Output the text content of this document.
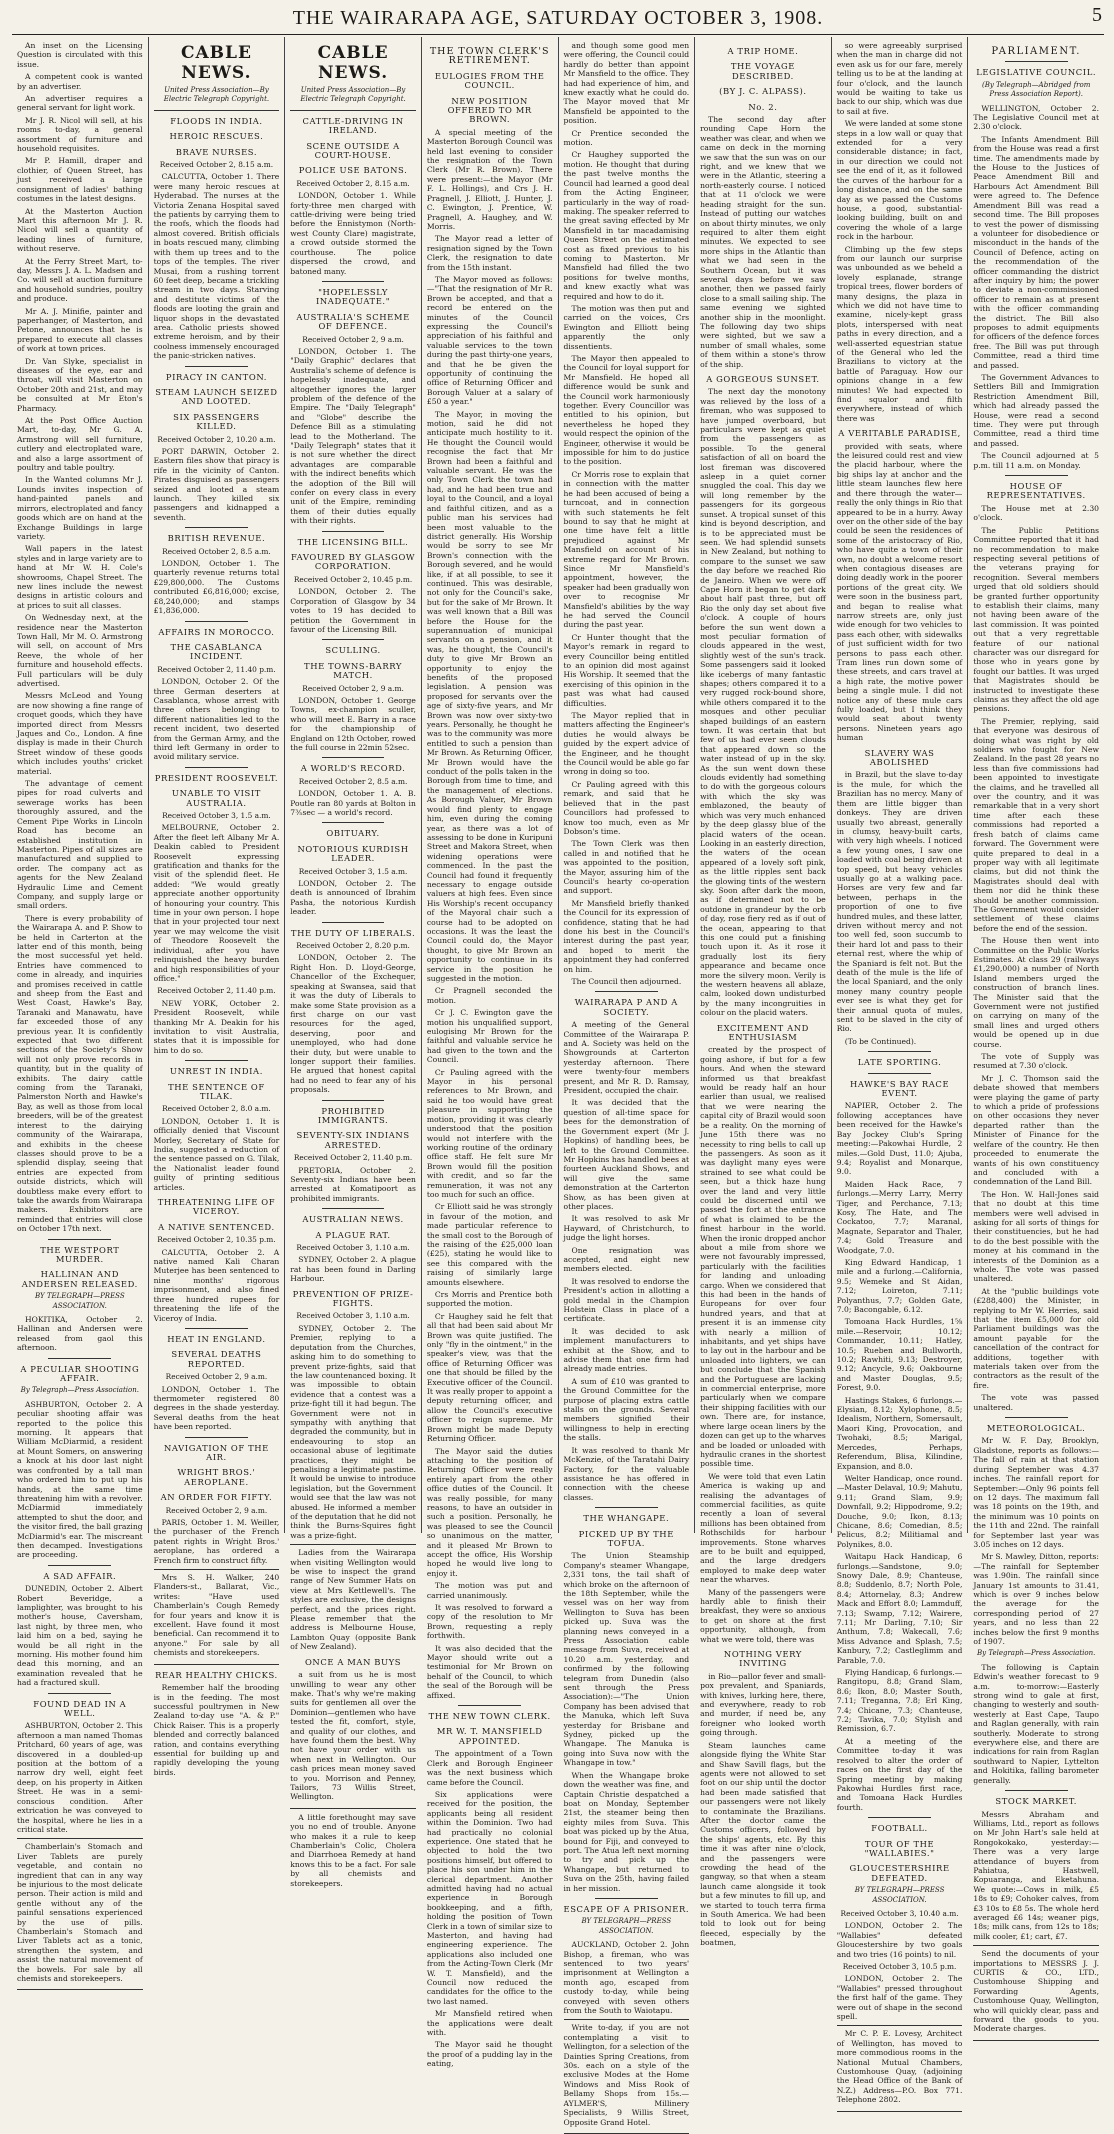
THE WAIRARAPA AGE, SATURDAY OCTOBER 3, 1908.	5

An inset on the Licensing Question is circulated with this issue.

A competent cook is wanted by an advertiser.

An advertiser requires a general servant for light work.

Mr J. R. Nicol will sell, at his rooms to-day, a general assortment of furniture and household requisites.

Mr P. Hamill, draper and clothier, of Queen Street, has just received a large consignment of ladies' bathing costumes in the latest designs.

At the Masterton Auction Mart this afternoon Mr J. R. Nicol will sell a quantity of leading lines of furniture, without reserve.

At the Ferry Street Mart, to-day, Messrs J. A. L. Madsen and Co. will sell at auction furniture and household sundries, poultry and produce.

Mr A. J. Minifie, painter and paperhanger, of Masterton, and Petone, announces that he is prepared to execute all classes of work at town prices.

Dr. Van Slyke, specialist in diseases of the eye, ear and throat, will visit Masterton on October 20th and 21st, and may be consulted at Mr Eton's Pharmacy.

At the Post Office Auction Mart, to-day, Mr G. A. Armstrong will sell furniture, cutlery and electroplated ware, and also a large assortment of poultry and table poultry.

In the Wanted columns Mr J. Lounds invites inspection of hand-painted panels and mirrors, electroplated and fancy goods which are on hand at the Exchange Buildings in large variety.

Wall papers in the latest styles and in large variety are to hand at Mr W. H. Cole's showrooms, Chapel Street. The new lines include the newest designs in artistic colours and at prices to suit all classes.

On Wednesday next, at the residence near the Masterton Town Hall, Mr M. O. Armstrong will sell, on account of Mrs Reeve, the whole of her furniture and household effects. Full particulars will be duly advertised.

Messrs McLeod and Young are now showing a fine range of croquet goods, which they have imported direct from Messrs Jaques and Co., London. A fine display is made in their Church Street window of these goods which includes youths' cricket material.

The advantage of cement pipes for road culverts and sewerage works has been thoroughly assured, and the Cement Pipe Works in Lincoln Road has become an established institution in Masterton. Pipes of all sizes are manufactured and supplied to order. The company act as agents for the New Zealand Hydraulic Lime and Cement Company, and supply large or small orders.

There is every probability of the Wairarapa A. and P. Show to be held in Carterton at the latter end of this month, being the most successful yet held. Entries have commenced to come in already, and inquiries and promises received in cattle and sheep from the East and West Coast, Hawke's Bay, Taranaki and Manawatu, have far exceeded those of any previous year. It is confidently expected that two different sections of the Society's Show will not only prove records in quantity, but in the quality of exhibits. The dairy cattle coming from the Taranaki, Palmerston North and Hawke's Bay, as well as those from local breeders, will be of the greatest interest to the dairying community of the Wairarapa, and exhibits in the cheese classes should prove to be a splendid display, seeing that entries are expected from outside districts, which will doubtless make every effort to take the awards from Wairarapa makers. Exhibitors are reminded that entries will close on October 17th next.

THE WESTPORT MURDER.
HALLINAN AND ANDERSEN RELEASED.
BY TELEGRAPH—PRESS ASSOCIATION.

HOKITIKA, October 2. Hallinan and Andersen were released from gaol this afternoon.

A PECULIAR SHOOTING AFFAIR.
By Telegraph—Press Association.

ASHBURTON, October 2. A peculiar shooting affair was reported to the police this morning. It appears that William McDiarmid, a resident at Mount Somers, on answering a knock at his door last night was confronted by a tall man who ordered him to put up his hands, at the same time threatening him with a revolver. McDiarmid immediately attempted to shut the door, and the visitor fired, the ball grazing McDiarmid's ear. The miscreant then decamped. Investigations are proceeding.

A SAD AFFAIR.

DUNEDIN, October 2. Albert Robert Beveridge, a lamplighter, was brought to his mother's house, Caversham, last night, by three men, who laid him on a bed, saying he would be all right in the morning. His mother found him dead this morning, and an examination revealed that he had a fractured skull.

FOUND DEAD IN A WELL.

ASHBURTON, October 2. This afternoon a man named Thomas Pritchard, 60 years of age, was discovered in a doubled-up position at the bottom of a narrow dry well, eight feet deep, on his property in Aitken Street. He was in a semi-conscious condition. After extrication he was conveyed to the hospital, where he lies in a critical state.

Chamberlain's Stomach and Liver Tablets are purely vegetable, and contain no ingredient that can in any way be injurious to the most delicate person. Their action is mild and gentle without any of the painful sensations experienced by the use of pills. Chamberlain's Stomach and Liver Tablets act as a tonic, strengthen the system, and assist the natural movement of the bowels. For sale by all chemists and storekeepers.

CABLE NEWS.
United Press Association—By Electric Telegraph Copyright.
FLOODS IN INDIA.
HEROIC RESCUES.
BRAVE NURSES.
Received October 2, 8.15 a.m.

CALCUTTA, October 1. There were many heroic rescues at Hyderabad. The nurses at the Victoria Zenana Hospital saved the patients by carrying them to the roofs, which the floods had almost covered. British officials in boats rescued many, climbing with them up trees and to the tops of the temples. The river Musai, from a rushing torrent 60 feet deep, became a trickling stream in two days. Starving and destitute victims of the floods are looting the grain and liquor shops in the devastated area. Catholic priests showed extreme heroism, and by their coolness immensely encouraged the panic-stricken natives.

PIRACY IN CANTON.
STEAM LAUNCH SEIZED AND LOOTED.
SIX PASSENGERS KILLED.
Received October 2, 10.20 a.m.

PORT DARWIN, October 2. Eastern files show that piracy is rife in the vicinity of Canton. Pirates disguised as passengers seized and looted a steam launch. They killed six passengers and kidnapped a seventh.

BRITISH REVENUE.
Received October 2, 8.5 a.m.

LONDON, October 1. The quarterly revenue returns total £29,800,000. The Customs contributed £6,816,000; excise, £8,240,000; and stamps £1,836,000.

AFFAIRS IN MOROCCO.
THE CASABLANCA INCIDENT.
Received October 2, 11.40 p.m.

LONDON, October 2. Of the three German deserters at Casablanca, whose arrest with three others belonging to different nationalities led to the recent incident, two deserted from the German Army, and the third left Germany in order to avoid military service.

PRESIDENT ROOSEVELT.
UNABLE TO VISIT AUSTRALIA.
Received October 3, 1.5 a.m.

MELBOURNE, October 2. After the fleet left Albany Mr A. Deakin cabled to President Roosevelt expressing gratification and thanks for the visit of the splendid fleet. He added: "We would greatly appreciate another opportunity of honouring your country. This time in your own person. I hope that in your projected tour next year we may welcome the visit of Theodore Roosevelt the individual, after you have relinquished the heavy burden and high responsibilities of your office."

Received October 2, 11.40 p.m.

NEW YORK, October 2. President Roosevelt, while thanking Mr A. Deakin for his invitation to visit Australia, states that it is impossible for him to do so.

UNREST IN INDIA.
THE SENTENCE OF TILAK.
Received October 2, 8.0 a.m.

LONDON, October 1. It is officially denied that Viscount Morley, Secretary of State for India, suggested a reduction of the sentence passed on G. Tilak, the Nationalist leader found guilty of printing seditious articles.

THREATENING LIFE OF VICEROY.
A NATIVE SENTENCED.
Received October 2, 10.35 p.m.

CALCUTTA, October 2. A native named Kali Charan Muterjee has been sentenced to nine months' rigorous imprisonment, and also fined three hundred rupees for threatening the life of the Viceroy of India.

HEAT IN ENGLAND.
SEVERAL DEATHS REPORTED.
Received October 2, 9 a.m.

LONDON, October 1. The thermometer registered 80 degrees in the shade yesterday. Several deaths from the heat have been reported.

NAVIGATION OF THE AIR.
WRIGHT BROS.' AEROPLANE.
AN ORDER FOR FIFTY.
Received October 2, 9 a.m.

PARIS, October 1. M. Weiller, the purchaser of the French patent rights in Wright Bros.' aeroplane, has ordered a French firm to construct fifty.

Mrs S. H. Walker, 240 Flanders-st., Ballarat, Vic., writes: "Have used Chamberlain's Cough Remedy for four years and know it is excellent. Have found it most beneficial. Can recommend it to anyone." For sale by all chemists and storekeepers.

REAR HEALTHY CHICKS.

Remember half the brooding is in the feeding. The most successful poultrymen in New Zealand to-day use "A. & P." Chick Raiser. This is a properly blended and correctly balanced ration, and contains everything essential for building up and rapidly developing the young birds.

CABLE NEWS.
United Press Association—By Electric Telegraph Copyright.
CATTLE-DRIVING IN IRELAND.
SCENE OUTSIDE A COURT-HOUSE.
POLICE USE BATONS.
Received October 2, 8.15 a.m.

LONDON, October 1. While forty-three men charged with cattle-driving were being tried before the Ennistymon (North-west County Clare) magistrate, a crowd outside stormed the courthouse. The police dispersed the crowd, and batoned many.

"HOPELESSLY INADEQUATE."
AUSTRALIA'S SCHEME OF DEFENCE.
Received October 2, 9 a.m.

LONDON, October 1. The "Daily Graphic" declares that Australia's scheme of defence is hopelessly inadequate, and altogether ignores the larger problem of the defence of the Empire. The "Daily Telegraph" and "Globe" describe the Defence Bill as a stimulating lead to the Motherland. The "Daily Telegraph" states that it is not sure whether the direct advantages are comparable with the indirect benefits which the adoption of the Bill will confer on every class in every unit of the Empire, reminding them of their duties equally with their rights.

THE LICENSING BILL.
FAVOURED BY GLASGOW CORPORATION.
Received October 2, 10.45 p.m.

LONDON, October 2. The Corporation of Glasgow by 34 votes to 19 has decided to petition the Government in favour of the Licensing Bill.

SCULLING.
THE TOWNS-BARRY MATCH.
Received October 2, 9 a.m.

LONDON, October 1. George Towns, ex-champion sculler, who will meet E. Barry in a race for the championship of England on 12th October, rowed the full course in 22min 52sec.

A WORLD'S RECORD.
Received October 2, 8.5 a.m.

LONDON, October 1. A. B. Poutle ran 80 yards at Bolton in 7⅗sec — a world's record.

OBITUARY.
NOTORIOUS KURDISH LEADER.
Received October 3, 1.5 a.m.

LONDON, October 2. The death is announced of Ibrahim Pasha, the notorious Kurdish leader.

THE DUTY OF LIBERALS.
Received October 2, 8.20 p.m.

LONDON, October 2. The Right Hon. D. Lloyd-George, Chancellor of the Exchequer, speaking at Swansea, said that it was the duty of Liberals to make some State provision as a first charge on our vast resources for the aged, deserving, poor and unemployed, who had done their duty, but were unable to longer support their families. He argued that honest capital had no need to fear any of his proposals.

PROHIBITED IMMIGRANTS.
SEVENTY-SIX INDIANS ARRESTED.
Received October 2, 11.40 p.m.

PRETORIA, October 2. Seventy-six Indians have been arrested at Komatipoort as prohibited immigrants.

AUSTRALIAN NEWS.
A PLAGUE RAT.
Received October 3, 1.10 a.m.

SYDNEY, October 2. A plague rat has been found in Darling Harbour.

PREVENTION OF PRIZE-FIGHTS.
Received October 3, 1.10 a.m.

SYDNEY, October 2. The Premier, replying to a deputation from the Churches, asking him to do something to prevent prize-fights, said that the law countenanced boxing. It was impossible to obtain evidence that a contest was a prize-fight till it had begun. The Government were not in sympathy with anything that degraded the community, but in endeavouring to stop an occasional abuse of legitimate practices, they might be penalising a legitimate pastime. It would be unwise to introduce legislation, but the Government would see that the law was not abused. He informed a member of the deputation that he did not think the Burns-Squires fight was a prize-fight.

Ladies from the Wairarapa when visiting Wellington would be wise to inspect the grand range of New Summer Hats on view at Mrs Kettlewell's. The styles are exclusive, the designs perfect, and the prices right. Please remember that the address is Melbourne House, Lambton Quay (opposite Bank of New Zealand).

ONCE A MAN BUYS

a suit from us he is most unwilling to wear any other make. That's why we're making suits for gentlemen all over the Dominion—gentlemen who have tested the fit, comfort, style, and quality of our clothes, and have found them the best. Why not have your order with us when next in Wellington. Our cash prices mean money saved to you. Morrison and Penney, Tailors, 73 Willis Street, Wellington.

A little forethought may save you no end of trouble. Anyone who makes it a rule to keep Chamberlain's Colic, Cholera and Diarrhoea Remedy at hand knows this to be a fact. For sale by all chemists and storekeepers.

THE TOWN CLERK'S RETIREMENT.
EULOGIES FROM THE COUNCIL.
NEW POSITION OFFERED TO MR BROWN.

A special meeting of the Masterton Borough Council was held last evening to consider the resignation of the Town Clerk (Mr R. Brown). There were present:—the Mayor (Mr F. L. Hollings), and Crs J. H. Pragnell, J. Elliott, J. Hunter, J. C. Ewington, J. Prentice, W. Pragnell, A. Haughey, and W. Morris.

The Mayor read a letter of resignation signed by the Town Clerk, the resignation to date from the 15th instant.

The Mayor moved as follows:—"That the resignation of Mr R. Brown be accepted, and that a record be entered on the minutes of the Council expressing the Council's appreciation of his faithful and valuable services to the town during the past thirty-one years, and that he be given the opportunity of continuing the office of Returning Officer and Borough Valuer at a salary of £50 a year."

The Mayor, in moving the motion, said he did not anticipate much hostility to it. He thought the Council would recognise the fact that Mr Brown had been a faithful and valuable servant. He was the only Town Clerk the town had had, and he had been true and loyal to the Council, and a loyal and faithful citizen, and as a public man his services had been most valuable to the district generally. His Worship would be sorry to see Mr Brown's connection with the Borough severed, and he would like, if at all possible, to see it continued. This was desirable, not only for the Council's sake, but for the sake of Mr Brown. It was well known that a Bill was before the House for the superannuation of municipal servants on a pension, and it was, he thought, the Council's duty to give Mr Brown an opportunity to enjoy the benefits of the proposed legislation. A pension was proposed for servants over the age of sixty-five years, and Mr Brown was now over sixty-two years. Personally, he thought he was to the community was more entitled to such a pension than Mr Brown. As Returning Officer, Mr Brown would have the conduct of the polls taken in the Borough from time to time, and the management of elections. As Borough Valuer, Mr Brown would find plenty to engage him, even during the coming year, as there was a lot of assessing to be done in Kuripuni Street and Makora Street, when widening operations were commenced. In the past the Council had found it frequently necessary to engage outside valuers at high fees. Even since His Worship's recent occupancy of the Mayoral chair such a course had to be adopted on occasions. It was the least the Council could do, the Mayor thought, to give Mr Brown an opportunity to continue in its service in the position he suggested in the motion.

Cr Pragnell seconded the motion.

Cr J. C. Ewington gave the motion his unqualified support, eulogising Mr Brown for the faithful and valuable service he had given to the town and the Council.

Cr Pauling agreed with the Mayor in his personal references to Mr Brown, and said he too would have great pleasure in supporting the motion, providing it was clearly understood that the position would not interfere with the working routine of the ordinary office staff. He felt sure Mr Brown would fill the position with credit, and so far the remuneration, it was not any too much for such an office.

Cr Elliott said he was strongly in favour of the motion, and made particular reference to the small cost to the Borough of the raising of the £25,000 loan (£25), stating he would like to see this compared with the raising of similarly large amounts elsewhere.

Crs Morris and Prentice both supported the motion.

Cr Haughey said he felt that all that had been said about Mr Brown was quite justified. The only "fly in the ointment," in the speaker's view, was that the office of Returning Officer was one that should be filled by the Executive officer of the Council. It was really proper to appoint a deputy returning officer, and allow the Council's executive officer to reign supreme. Mr Brown might be made Deputy Returning Officer.

The Mayor said the duties attaching to the position of Returning Officer were really entirely apart from the other office duties of the Council. It was really possible, for many reasons, to have an outsider in such a position. Personally, he was pleased to see the Council so unanimous on the matter, and it pleased Mr Brown to accept the office, His Worship hoped he would live long to enjoy it.

The motion was put and carried unanimously.

It was resolved to forward a copy of the resolution to Mr Brown, requesting a reply forthwith.

It was also decided that the Mayor should write out a testimonial for Mr Brown on behalf of the Council, to which the seal of the Borough will be affixed.

THE NEW TOWN CLERK.
MR W. T. MANSFIELD APPOINTED.

The appointment of a Town Clerk and Borough Engineer was the next business which came before the Council.

Six applications were received for the position, the applicants being all resident within the Dominion. Two had had practically no colonial experience. One stated that he objected to hold the two positions himself, but offered to place his son under him in the clerical department. Another admitted having had no actual experience in Borough bookkeeping, and a fifth, holding the position of Town Clerk in a town of similar size to Masterton, and having had engineering experience. The applications also included one from the Acting-Town Clerk (Mr W. T. Mansfield), and the Council now reduced the candidates for the office to the two last named.

Mr Mansfield retired when the applications were dealt with.

The Mayor said he thought the proof of a pudding lay in the eating,

and though some good men were offering, the Council could hardly do better than appoint Mr Mansfield to the office. They had had experience of him, and knew exactly what he could do. The Mayor moved that Mr Mansfield be appointed to the position.

Cr Prentice seconded the motion.

Cr Haughey supported the motion. He thought that during the past twelve months the Council had learned a good deal from the Acting Engineer, particularly in the way of road-making. The speaker referred to the great saving effected by Mr Mansfield in tar macadamising Queen Street on the estimated cost as fixed previous to his coming to Masterton. Mr Mansfield had filled the two positions for twelve months, and knew exactly what was required and how to do it.

The motion was then put and carried on the voices, Crs Ewington and Elliott being apparently the only dissentients.

The Mayor then appealed to the Council for loyal support for Mr Mansfield. He hoped all difference would be sunk and the Council work harmoniously together. Every Councillor was entitled to his opinion, but nevertheless he hoped they would respect the opinion of the Engineer, otherwise it would be impossible for him to do justice to the position.

Cr Morris rose to explain that in connection with the matter he had been accused of being a turncoat, and in connection with such statements he felt bound to say that he might at one time have felt a little prejudiced against Mr Mansfield on account of his extreme regard for Mr Brown. Since Mr Mansfield's appointment, however, the speaker had been gradually won over to recognise Mr Mansfield's abilities by the way he had served the Council during the past year.

Cr Hunter thought that the Mayor's remark in regard to every Councillor being entitled to an opinion did most against His Worship. It seemed that the exercising of this opinion in the past was what had caused difficulties.

The Mayor replied that in matters affecting the Engineer's duties he would always be guided by the expert advice of the Engineer, and he thought the Council would be able go far wrong in doing so too.

Cr Pauling agreed with this remark, and said that he believed that in the past Councillors had professed to know too much, even as Mr Dobson's time.

The Town Clerk was then called in and notified that he was appointed to the position, the Mayor, assuring him of the Council's hearty co-operation and support.

Mr Mansfield briefly thanked the Council for its expression of confidence, stating that he had done his best in the Council's interest during the past year, and hoped to merit the appointment they had conferred on him.

The Council then adjourned.

WAIRARAPA P AND A SOCIETY.

A meeting of the General Committee of the Wairarapa P. and A. Society was held on the Showgrounds at Carterton yesterday afternoon. There were twenty-four members present, and Mr R. D. Ramsay, President, occupied the chair.

It was decided that the question of all-time space for bees for the demonstration of the Government expert (Mr J. Hopkins) of handling bees, be left to the Ground Committee. Mr Hopkins has handled bees at fourteen Auckland Shows, and will give the same demonstration at the Carterton Show, as has been given at other places.

It was resolved to ask Mr Hayward, of Christchurch, to judge the light horses.

One resignation was accepted, and eight new members elected.

It was resolved to endorse the President's action in allotting a gold medal in the Champion Holstein Class in place of a certificate.

It was decided to ask implement manufacturers to exhibit at the Show, and to advise them that one firm had already made entries.

A sum of £10 was granted to the Ground Committee for the purpose of placing extra cattle stalls on the grounds. Several members signified their willingness to help in erecting the stalls.

It was resolved to thank Mr McKenzie, of the Taratahi Dairy Factory, for the valuable assistance he has offered in connection with the cheese classes.

THE WHANGAPE.
PICKED UP BY THE TOFUA.

The Union Steamship Company's steamer Whangape, 2,331 tons, the tail shaft of which broke on the afternoon of the 18th September, while the vessel was on her way from Wellington to Suva has been picked up. Suva was the planning news conveyed in a Press Association cable message from Suva, received at 10.20 a.m. yesterday, and confirmed by the following telegram from Dunedin (also sent through the Press Association):—"The Union Company has been advised that the Manuka, which left Suva yesterday for Brisbane and Sydney, picked up the Whangape. The Manuka is going into Suva now with the Whangape in tow."

When the Whangape broke down the weather was fine, and Captain Christie despatched a boat on Monday, September 21st, the steamer being then eighty miles from Suva. This boat was picked up by the Atua, bound for Fiji, and conveyed to port. The Atua left next morning to try and pick up the Whangape, but returned to Suva on the 25th, having failed in her mission.

ESCAPE OF A PRISONER.
BY TELEGRAPH—PRESS ASSOCIATION.

AUCKLAND, October 2. John Bishop, a fireman, who was sentenced to two years' imprisonment at Wellington a month ago, escaped from custody to-day, while being conveyed with seven others from the South to Waiotapu.

Write to-day, if you are not contemplating a visit to Wellington, for a selection of the Dainties Spring Creations, from 30s. each on a style of the exclusive Modes at the Home Windows and Miss Rook of Bellamy Shops from 15s.—AYLMER'S, Millinery Specialists, 9 Willis Street, Opposite Grand Hotel.

A TRIP HOME.
THE VOYAGE DESCRIBED.
(BY J. C. ALPASS).
No. 2.

The second day after rounding Cape Horn the weather was clear, and when we came on deck in the morning we saw that the sun was on our right, and we knew that we were in the Atlantic, steering a north-easterly course. I noticed that at 11 o'clock we were heading straight for the sun. Instead of putting our watches on about thirty minutes, we only required to alter them eight minutes. We expected to see more ships in the Atlantic than what we had seen in the Southern Ocean, but it was several days before we saw another, then we passed fairly close to a small sailing ship. The same evening we sighted another ship in the moonlight. The following day two ships were sighted, but we saw a number of small whales, some of them within a stone's throw of the ship.

A GORGEOUS SUNSET.

The next day the monotony was relieved by the loss of a fireman, who was supposed to have jumped overboard, but particulars were kept as quiet from the passengers as possible. To the general satisfaction of all on board the lost fireman was discovered asleep in a quiet corner snuggled the coal. This day we will long remember by the passengers for its gorgeous sunset. A tropical sunset of this kind is beyond description, and is to be appreciated must be seen. We had splendid sunsets in New Zealand, but nothing to compare to the sunset we saw the day before we reached Rio de Janeiro. When we were off Cape Horn it began to get dark about half past three, but off Rio the only day set about five o'clock. A couple of hours before the sun went down a most peculiar formation of clouds appeared in the west, slightly west of the sun's track. Some passengers said it looked like icebergs of many fantastic shapes; others compared it to a very rugged rock-bound shore, while others compared it to the mosques and other peculiar shaped buildings of an eastern town. It was certain that but few of us had ever seen clouds that appeared down so the water instead of up in the sky. As the sun went down these clouds evidently had something to do with the gorgeous colours with which the sky was emblazoned, the beauty of which was very much enhanced by the deep glassy blue of the placid waters of the ocean. Looking in an easterly direction, the waters of the ocean appeared of a lovely soft pink, as the little ripples sent back the glowing tints of the western sky. Soon after dark the moon, as if determined not to be outdone in grandeur by the orb of day, rose fiery red as if out of the ocean, appearing to that this one could put a finishing touch upon it. As it rose it gradually lost its fiery appearance and became once more the silvery moon. Verily is the western heavens all ablaze, calm, looked down undisturbed by the many incongruities in colour on the placid waters.

EXCITEMENT AND ENTHUSIASM

created by the prospect of going ashore, if but for a few hours. And when the steward informed us that breakfast would be ready half an hour earlier than usual, we realised that we were nearing the capital city of Brazil would soon be a reality. On the morning of June 15th there was no necessity to ring bells to call up the passengers. As soon as it was daylight many eyes were strained to see what could be seen, but a thick haze hung over the land and very little could be discerned until we passed the fort at the entrance of what is claimed to be the finest harbour in the world. When the ironic dropped anchor about a mile from shore we were not favourably impressed, particularly with the facilities for landing and unloading cargo. When we considered that this had been in the hands of Europeans for over four hundred years, and that at present it is an immense city with nearly a million of inhabitants, and yet ships have to lay out in the harbour and be unloaded into lighters, we can but conclude that the Spanish and the Portuguese are lacking in commercial enterprise, more particularly when we compare their shipping facilities with our own. There are, for instance, where large ocean liners by the dozen can get up to the wharves and be loaded or unloaded with hydraulic cranes in the shortest possible time.

We were told that even Latin America is waking up and realising the advantages of commercial facilities, as quite recently a loan of several millions has been obtained from Rothschilds for harbour improvements. Stone wharves are to be built and equipped, and the large dredgers employed to make deep water near the wharves.

Many of the passengers were hardly able to finish their breakfast, they were so anxious to get on shore at the first opportunity, although, from what we were told, there was

NOTHING VERY INVITING

in Rio—pallor fever and small-pox prevalent, and Spaniards, with knives, lurking here, there, and everywhere, ready to rob and murder, if need be, any foreigner who looked worth going through.

Steam launches came alongside flying the White Star and Shaw Savill flags, but the agents were not allowed to set foot on our ship until the doctor had been made satisfied that our passengers were not likely to contaminate the Brazilians. After the doctor came the Customs officers, followed by the ships' agents, etc. By this time it was after nine o'clock, and the passengers were crowding the head of the gangway, so that when a steam launch came alongside it took but a few minutes to fill up, and we started to touch terra firma in South America. We had been told to look out for being fleeced, especially by the boatmen,

so were agreeably surprised when the man in charge did not even ask us for our fare, merely telling us to be at the landing at four o'clock, and the launch would be waiting to take us back to our ship, which was due to sail at five.

We were landed at some stone steps in a low wall or quay that extended for a very considerable distance; in fact, in our direction we could not see the end of it, as it followed the curves of the harbour for a long distance, and on the same day as we passed the Customs house, a good, substantial-looking building, built on and covering the whole of a large rock in the harbour.

Climbing up the few steps from our launch our surprise was unbounded as we beheld a lovely esplanade, strange tropical trees, flower borders of many designs, the plaza in which we did not have time to examine, nicely-kept grass plots, interspersed with neat paths in every direction, and a well-asserted equestrian statue of the General who led the Brazilians to victory at the battle of Paraguay. How our opinions change in a few minutes! We had expected to find squalor and filth everywhere, instead of which there was

A VERITABLE PARADISE,

provided with seats, where the leisured could rest and view the placid harbour, where the big ships lay at anchor and the little steam launches flew here and there through the water—really the only things in Rio that appeared to be in a hurry. Away over on the other side of the bay could be seen the residences of some of the aristocracy of Rio, who have quite a town of their own, no doubt a welcome resort when contagious diseases are doing deadly work in the poorer portions of the great city. We were soon in the business part, and began to realise what narrow streets are, only just wide enough for two vehicles to pass each other, with sidewalks of just sufficient width for two persons to pass each other. Tram lines run down some of these streets, and cars travel at a high rate, the motive power being a single mule. I did not notice any of these mule cars fully loaded, but I think they would seat about twenty persons. Nineteen years ago human

SLAVERY WAS ABOLISHED

in Brazil, but the slave to-day is the mule, for which the Brazilian has no mercy. Many of them are little bigger than donkeys. They are driven usually two abreast, generally in clumsy, heavy-built carts, with very high wheels. I noticed a few young ones, I saw one loaded with coal being driven at top speed, but heavy vehicles usually go at a walking pace. Horses are very few and far between, perhaps in the proportion of one to five hundred mules, and these latter, driven without mercy and not too well fed, soon succumb to their hard lot and pass to their eternal rest, where the whip of the Spaniard is felt not. But the death of the mule is the life of the local Spaniard, and the only money many country people ever see is what they get for their annual quota of mules, sent to be slaved in the city of Rio.

(To be Continued).

LATE SPORTING.
HAWKE'S BAY RACE EVENT.

NAPIER, October 2. The following acceptances have been received for the Hawke's Bay Jockey Club's Spring meeting:—Pakowhai Hurdle, 2 miles.—Gold Dust, 11.0; Ajuba, 9.4; Royalist and Monarque, 9.0.

Maiden Hack Race, 7 furlongs.—Merry Larry, Merry Tiger, and Perchance, 7.13; Kosy, The Hate, and The Cockatoo, 7.7; Maranal, Magnate, Separator and Thaler, 7.4; Gold Treasure and Woodgate, 7.0.

King Edward Handicap, 1 mile and a furlong.—California, 9.5; Wemeke and St Aidan, 7.12; Loireton, 7.11; Polyanthus, 7.7; Golden Gate, 7.0; Bacongable, 6.12.

Tomoana Hack Hurdles, 1⅝ mile.—Reservoir, 10.12; Commander, 10.11; Hatley, 10.5; Rueben and Bullworth, 10.2; Rawhiti, 9.13; Destroyer, 9.12; Ancycle, 9.6; Oakbourne and Master Douglas, 9.5; Forest, 9.0.

Hastings Stakes, 6 furlongs.—Elysian, 8.12; Xylophone, 8.5; Idealism, Northern, Somersault, Maori King, Provocation, and Twohaki, 8.5; Marigal, Mercedes, Perhaps, Referendum, Blisa, Kilindine, Expansion, and 8.0.

Welter Handicap, once round.—Master Delaval, 10.9; Mahutu, 9.11; Grand Slam, 9.9; Downfall, 9.2; Hippodrome, 9.2; Douche, 9.0; Ikon, 8.13; Chicane, 8.6; Comedian, 8.5; Pelicus, 8.2; Militiamal and Polynikes, 8.0.

Waitapu Hack Handicap, 6 furlongs.—Sandstone, 9.0; Snowy Dale, 8.9; Chanteuse, 8.8; Suddenlo, 8.7; North Pole, 8.4; Attornelay, 8.3; Andrew Mack and Effort 8.0; Lammduff, 7.13; Swamp, 7.12; Wairere, 7.11; Mr Darling, 7.10; Sir Anthum, 7.8; Wakecall, 7.6; Miss Advance and Splash, 7.5; Kanbury, 7.2; Castleglimm and Parable, 7.0.

Flying Handicap, 6 furlongs.—Rangitopu, 8.8; Grand Slam, 8.6; Ikon, 8.0; Master South, 7.11; Treganna, 7.8; Erl King, 7.4; Chicane, 7.3; Chanteuse, 7.2; Tavika, 7.0; Stylish and Remission, 6.7.

At a meeting of the Committee to-day it was resolved to alter the order of races on the first day of the Spring meeting by making Pakowhai Hurdles first race, and Tomoana Hack Hurdles fourth.

FOOTBALL.
TOUR OF THE "WALLABIES."
GLOUCESTERSHIRE DEFEATED.
BY TELEGRAPH—PRESS ASSOCIATION.
Received October 3, 10.40 a.m.

LONDON, October 2. The "Wallabies" defeated Gloucestershire by two goals and two tries (16 points) to nil.

Received October 3, 10.5 p.m.

LONDON, October 2. The "Wallabies" pressed throughout the first half of the game. They were out of shape in the second spell.

Mr C. P. E. Lovesy, Architect of Wellington, has moved to more commodious rooms in the National Mutual Chambers, Customhouse Quay, (adjoining the Head Office of the Bank of N.Z.) Address—P.O. Box 771. Telephone 2802.

PARLIAMENT.
LEGISLATIVE COUNCIL.
(By Telegraph—Abridged from Press Association Report).

WELLINGTON, October 2. The Legislative Council met at 2.30 o'clock.

The Infants Amendment Bill from the House was read a first time. The amendments made by the House to the Justices of Peace Amendment Bill and Harbours Act Amendment Bill were agreed to. The Defence Amendment Bill was read a second time. The Bill proposes to vest the power of dismissing a volunteer for disobedience or misconduct in the hands of the Council of Defence, acting on the recommendation of the officer commanding the district after inquiry by him; the power to deviate a non-commissioned officer to remain as at present with the officer commanding the district. The Bill also proposes to admit equipments for officers of the defence forces free. The Bill was put through Committee, read a third time and passed.

The Government Advances to Settlers Bill and Immigration Restriction Amendment Bill, which had already passed the House, were read a second time. They were put through Committee, read a third time and passed.

The Council adjourned at 5 p.m. till 11 a.m. on Monday.

HOUSE OF REPRESENTATIVES.

The House met at 2.30 o'clock.

The Public Petitions Committee reported that it had no recommendation to make respecting several petitions of the veterans praying for recognition. Several members urged that old soldiers should be granted further opportunity to establish their claims, many not having been aware of the last commission. It was pointed out that a very regrettable feature of our national character was our disregard for those who in years gone by fought our battles. It was urged that Magistrates should be instructed to investigate these claims as they affect the old age pensions.

The Premier, replying, said that everyone was desirous of doing what was right by old soldiers who fought for New Zealand. In the past 28 years no less than five commissions had been appointed to investigate the claims, and he travelled all over the country, and it was remarkable that in a very short time after each these commissions had reported a fresh batch of claims came forward. The Government were quite prepared to deal in a proper way with all legitimate claims, but did not think the Magistrates should deal with them nor did he think these should be another commission. The Government would consider settlement of these claims before the end of the session.

The House then went into Committee on the Public Works Estimates. At class 29 (railways £1,290,000) a number of North Island members urged the construction of branch lines. The Minister said that the Government were not justified on carrying on many of the small lines and urged others would be opened up in due course.

The vote of Supply was resumed at 7.30 o'clock.

Mr J. C. Thomson said the debate showed that members were playing the game of party to which a pride of professions on other occasions they never departed rather than the Minister of Finance for the welfare of the country. He then proceeded to enumerate the wants of his own constituency and concluded with a condemnation of the Land Bill.

The Hon. W. Hall-Jones said that no doubt at this time members were well advised in asking for all sorts of things for their constituencies, but he had to do the best possible with the money at his command in the interests of the Dominion as a whole. The vote was passed unaltered.

At the "public buildings vote (£288,400) the Minister, in replying to Mr W. Herries, said that the item £5,000 for old Parliament buildings was the amount payable for the cancellation of the contract for additions, together with materials taken over from the contractors as the result of the fire.

The vote was passed unaltered.

METEOROLOGICAL.

Mr W. F. Day, Brooklyn, Gladstone, reports as follows:—The fall of rain at that station during September was 4.37 inches. The rainfall report for September:—Only 96 points fell on 12 days. The maximum fall was 18 points on the 19th, and the minimum was 10 points on the 11th and 22nd. The rainfall for September last year was 3.05 inches on 12 days.

Mr S. Mawley, Ditton, reports:—The rainfall for September was 1.90in. The rainfall since January 1st amounts to 31.41, which is over 9 inches below the average for the corresponding period of 27 years, and no less than 22 inches below the first 9 months of 1907.

By Telegraph—Press Association.

The following is Captain Edwin's weather forecast to 9 a.m. to-morrow:—Easterly strong wind to gale at first, changing to westerly and south-westerly at East Cape, Taupo and Raglan generally, with rain southerly. Moderate to strong everywhere else, and there are indications for rain from Raglan southward to Napier, Lyttelton and Hokitika, falling barometer generally.

STOCK MARKET.

Messrs Abraham and Williams, Ltd., report as follows on Mr John Hart's sale held at Rongokokako, yesterday:—There was a very large attendance of buyers from Pahiatua, Hastwell, Kopuaranga, and Eketahuna. We quote:—Cows in milk, £5 18s to £9; Cohoker calves, from £3 10s to £8 5s. The whole herd averaged £6 14s; weaner pigs, 18s; milk cans, from 12s to 18s; milk cooler, £1; cart, £7.

Send the documents of your importations to MESSRS J. J. CURTIS & CO., LTD., Customhouse Shipping and Forwarding Agents, Customhouse Quay, Wellington, who will quickly clear, pass and forward the goods to you. Moderate charges.
